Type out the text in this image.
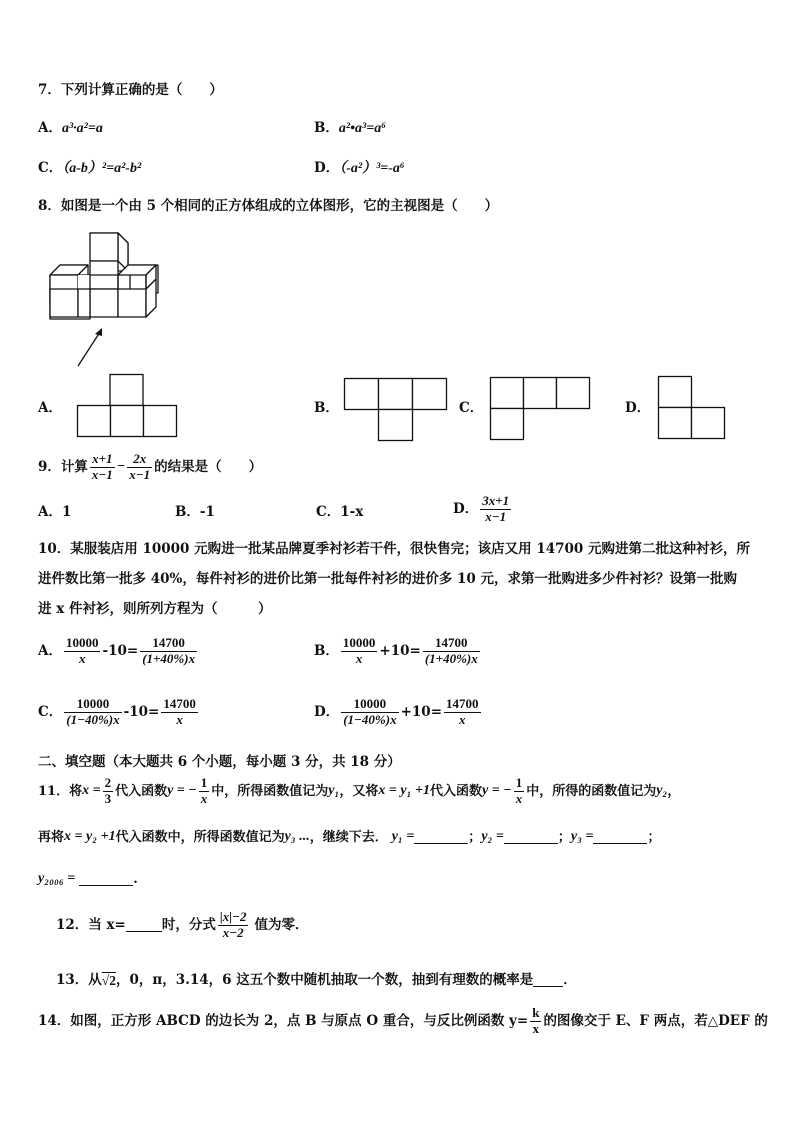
7．下列计算正确的是（　　）
A．a³·a²=a	B．a²•a³=a⁶
C．（a-b）²=a²-b²	D．（-a²）³=-a⁶
8．如图是一个由 5 个相同的正方体组成的立体图形，它的主视图是（　　）
A．	B．	C．	D．
9．计算 $\frac{x+1}{x-1} - \frac{2x}{x-1}$ 的结果是（　　）
A．1	B．-1	C．1-x	D． $\frac{3x+1}{x-1}$
10．某服装店用 10000 元购进一批某品牌夏季衬衫若干件，很快售完；该店又用 14700 元购进第二批这种衬衫，所
进件数比第一批多 40%，每件衬衫的进价比第一批每件衬衫的进价多 10 元，求第一批购进多少件衬衫？设第一批购
进 x 件衬衫，则所列方程为（　　　）
A． $\frac{10000}{x} -10= \frac{14700}{(1+40\%)x}$	B． $\frac{10000}{x} +10= \frac{14700}{(1+40\%)x}$
C． $\frac{10000}{(1-40\%)x} -10= \frac{14700}{x}$	D． $\frac{10000}{(1-40\%)x} +10= \frac{14700}{x}$
二、填空题（本大题共 6 个小题，每小题 3 分，共 18 分）
11．将 $x = \frac{2}{3}$ 代入函数 y = − $\frac{1}{x}$ 中，所得函数值记为 y₁ ，又将 x = y₁ +1 代入函数 y = − $\frac{1}{x}$ 中，所得的函数值记为 y₂ ，
再将 x = y₂ +1 代入函数中，所得函数值记为 y₃ ... ，继续下去． y₁ =	； y₂ =	； y₃ =	；
y₂₀₀₆ =	.
12．当 x=	时，分式 $\frac{|x|-2}{x-2}$ 值为零．
13．从 √2 ，0，π，3.14，6 这五个数中随机抽取一个数，抽到有理数的概率是 ．
14．如图，正方形 ABCD 的边长为 2，点 B 与原点 O 重合，与反比例函数 $y= \frac{k}{x}$ 的图像交于 E、F 两点，若△DEF 的
